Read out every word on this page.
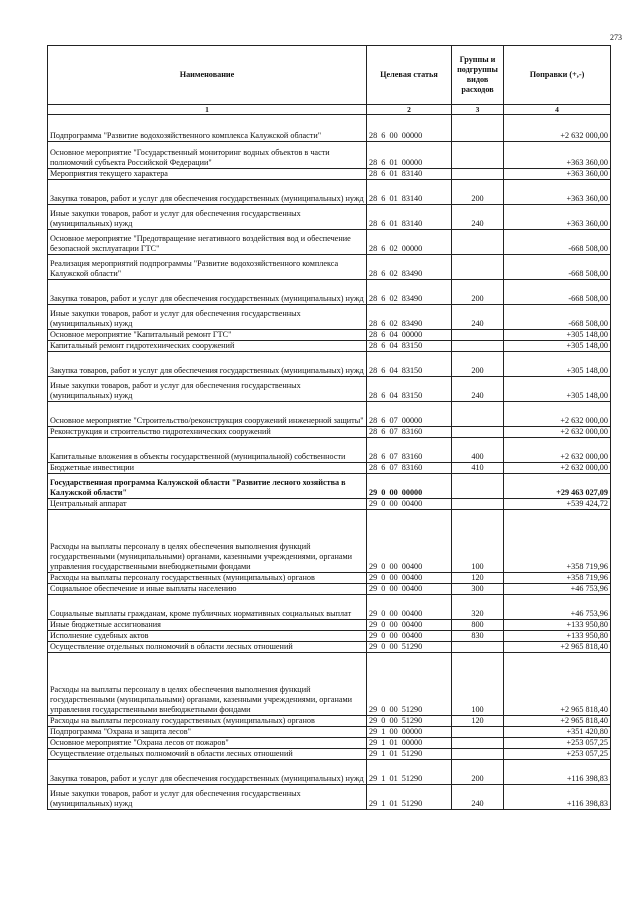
273
Наименование	Целевая статья	Группы и подгруппы видов расходов	Поправки (+,-)
1	2	3	4
Подпрограмма "Развитие водохозяйственного комплекса Калужской области"	28  6  00  00000		+2 632 000,00
Основное мероприятие "Государственный мониторинг водных объектов в части полномочий субъекта Российской Федерации"	28  6  01  00000		+363 360,00
Мероприятия текущего характера	28  6  01  83140		+363 360,00
Закупка товаров, работ и услуг для обеспечения государственных (муниципальных) нужд	28  6  01  83140	200	+363 360,00
Иные закупки товаров, работ и услуг для обеспечения государственных (муниципальных) нужд	28  6  01  83140	240	+363 360,00
Основное мероприятие "Предотвращение негативного воздействия вод и обеспечение безопасной эксплуатации ГТС"	28  6  02  00000		-668 508,00
Реализация мероприятий подпрограммы "Развитие водохозяйственного комплекса Калужской области"	28  6  02  83490		-668 508,00
Закупка товаров, работ и услуг для обеспечения государственных (муниципальных) нужд	28  6  02  83490	200	-668 508,00
Иные закупки товаров, работ и услуг для обеспечения государственных (муниципальных) нужд	28  6  02  83490	240	-668 508,00
Основное мероприятие "Капитальный ремонт ГТС"	28  6  04  00000		+305 148,00
Капитальный ремонт гидротехнических сооружений	28  6  04  83150		+305 148,00
Закупка товаров, работ и услуг для обеспечения государственных (муниципальных) нужд	28  6  04  83150	200	+305 148,00
Иные закупки товаров, работ и услуг для обеспечения государственных (муниципальных) нужд	28  6  04  83150	240	+305 148,00
Основное мероприятие "Строительство/реконструкция сооружений инженерной защиты"	28  6  07  00000		+2 632 000,00
Реконструкция и строительство гидротехнических сооружений	28  6  07  83160		+2 632 000,00
Капитальные вложения в объекты государственной (муниципальной) собственности	28  6  07  83160	400	+2 632 000,00
Бюджетные инвестиции	28  6  07  83160	410	+2 632 000,00
Государственная программа Калужской области "Развитие лесного хозяйства в Калужской области"	29  0  00  00000		+29 463 027,09
Центральный аппарат	29  0  00  00400		+539 424,72
Расходы на выплаты персоналу в целях обеспечения выполнения функций государственными (муниципальными) органами, казенными учреждениями, органами управления государственными внебюджетными фондами	29  0  00  00400	100	+358 719,96
Расходы на выплаты персоналу государственных (муниципальных) органов	29  0  00  00400	120	+358 719,96
Социальное обеспечение и иные выплаты населению	29  0  00  00400	300	+46 753,96
Социальные выплаты гражданам, кроме публичных нормативных социальных выплат	29  0  00  00400	320	+46 753,96
Иные бюджетные ассигнования	29  0  00  00400	800	+133 950,80
Исполнение судебных актов	29  0  00  00400	830	+133 950,80
Осуществление отдельных полномочий в области лесных отношений	29  0  00  51290		+2 965 818,40
Расходы на выплаты персоналу в целях обеспечения выполнения функций государственными (муниципальными) органами, казенными учреждениями, органами управления государственными внебюджетными фондами	29  0  00  51290	100	+2 965 818,40
Расходы на выплаты персоналу государственных (муниципальных) органов	29  0  00  51290	120	+2 965 818,40
Подпрограмма "Охрана и защита лесов"	29  1  00  00000		+351 420,80
Основное мероприятие "Охрана лесов от пожаров"	29  1  01  00000		+253 057,25
Осуществление отдельных полномочий в области лесных отношений	29  1  01  51290		+253 057,25
Закупка товаров, работ и услуг для обеспечения государственных (муниципальных) нужд	29  1  01  51290	200	+116 398,83
Иные закупки товаров, работ и услуг для обеспечения государственных (муниципальных) нужд	29  1  01  51290	240	+116 398,83
